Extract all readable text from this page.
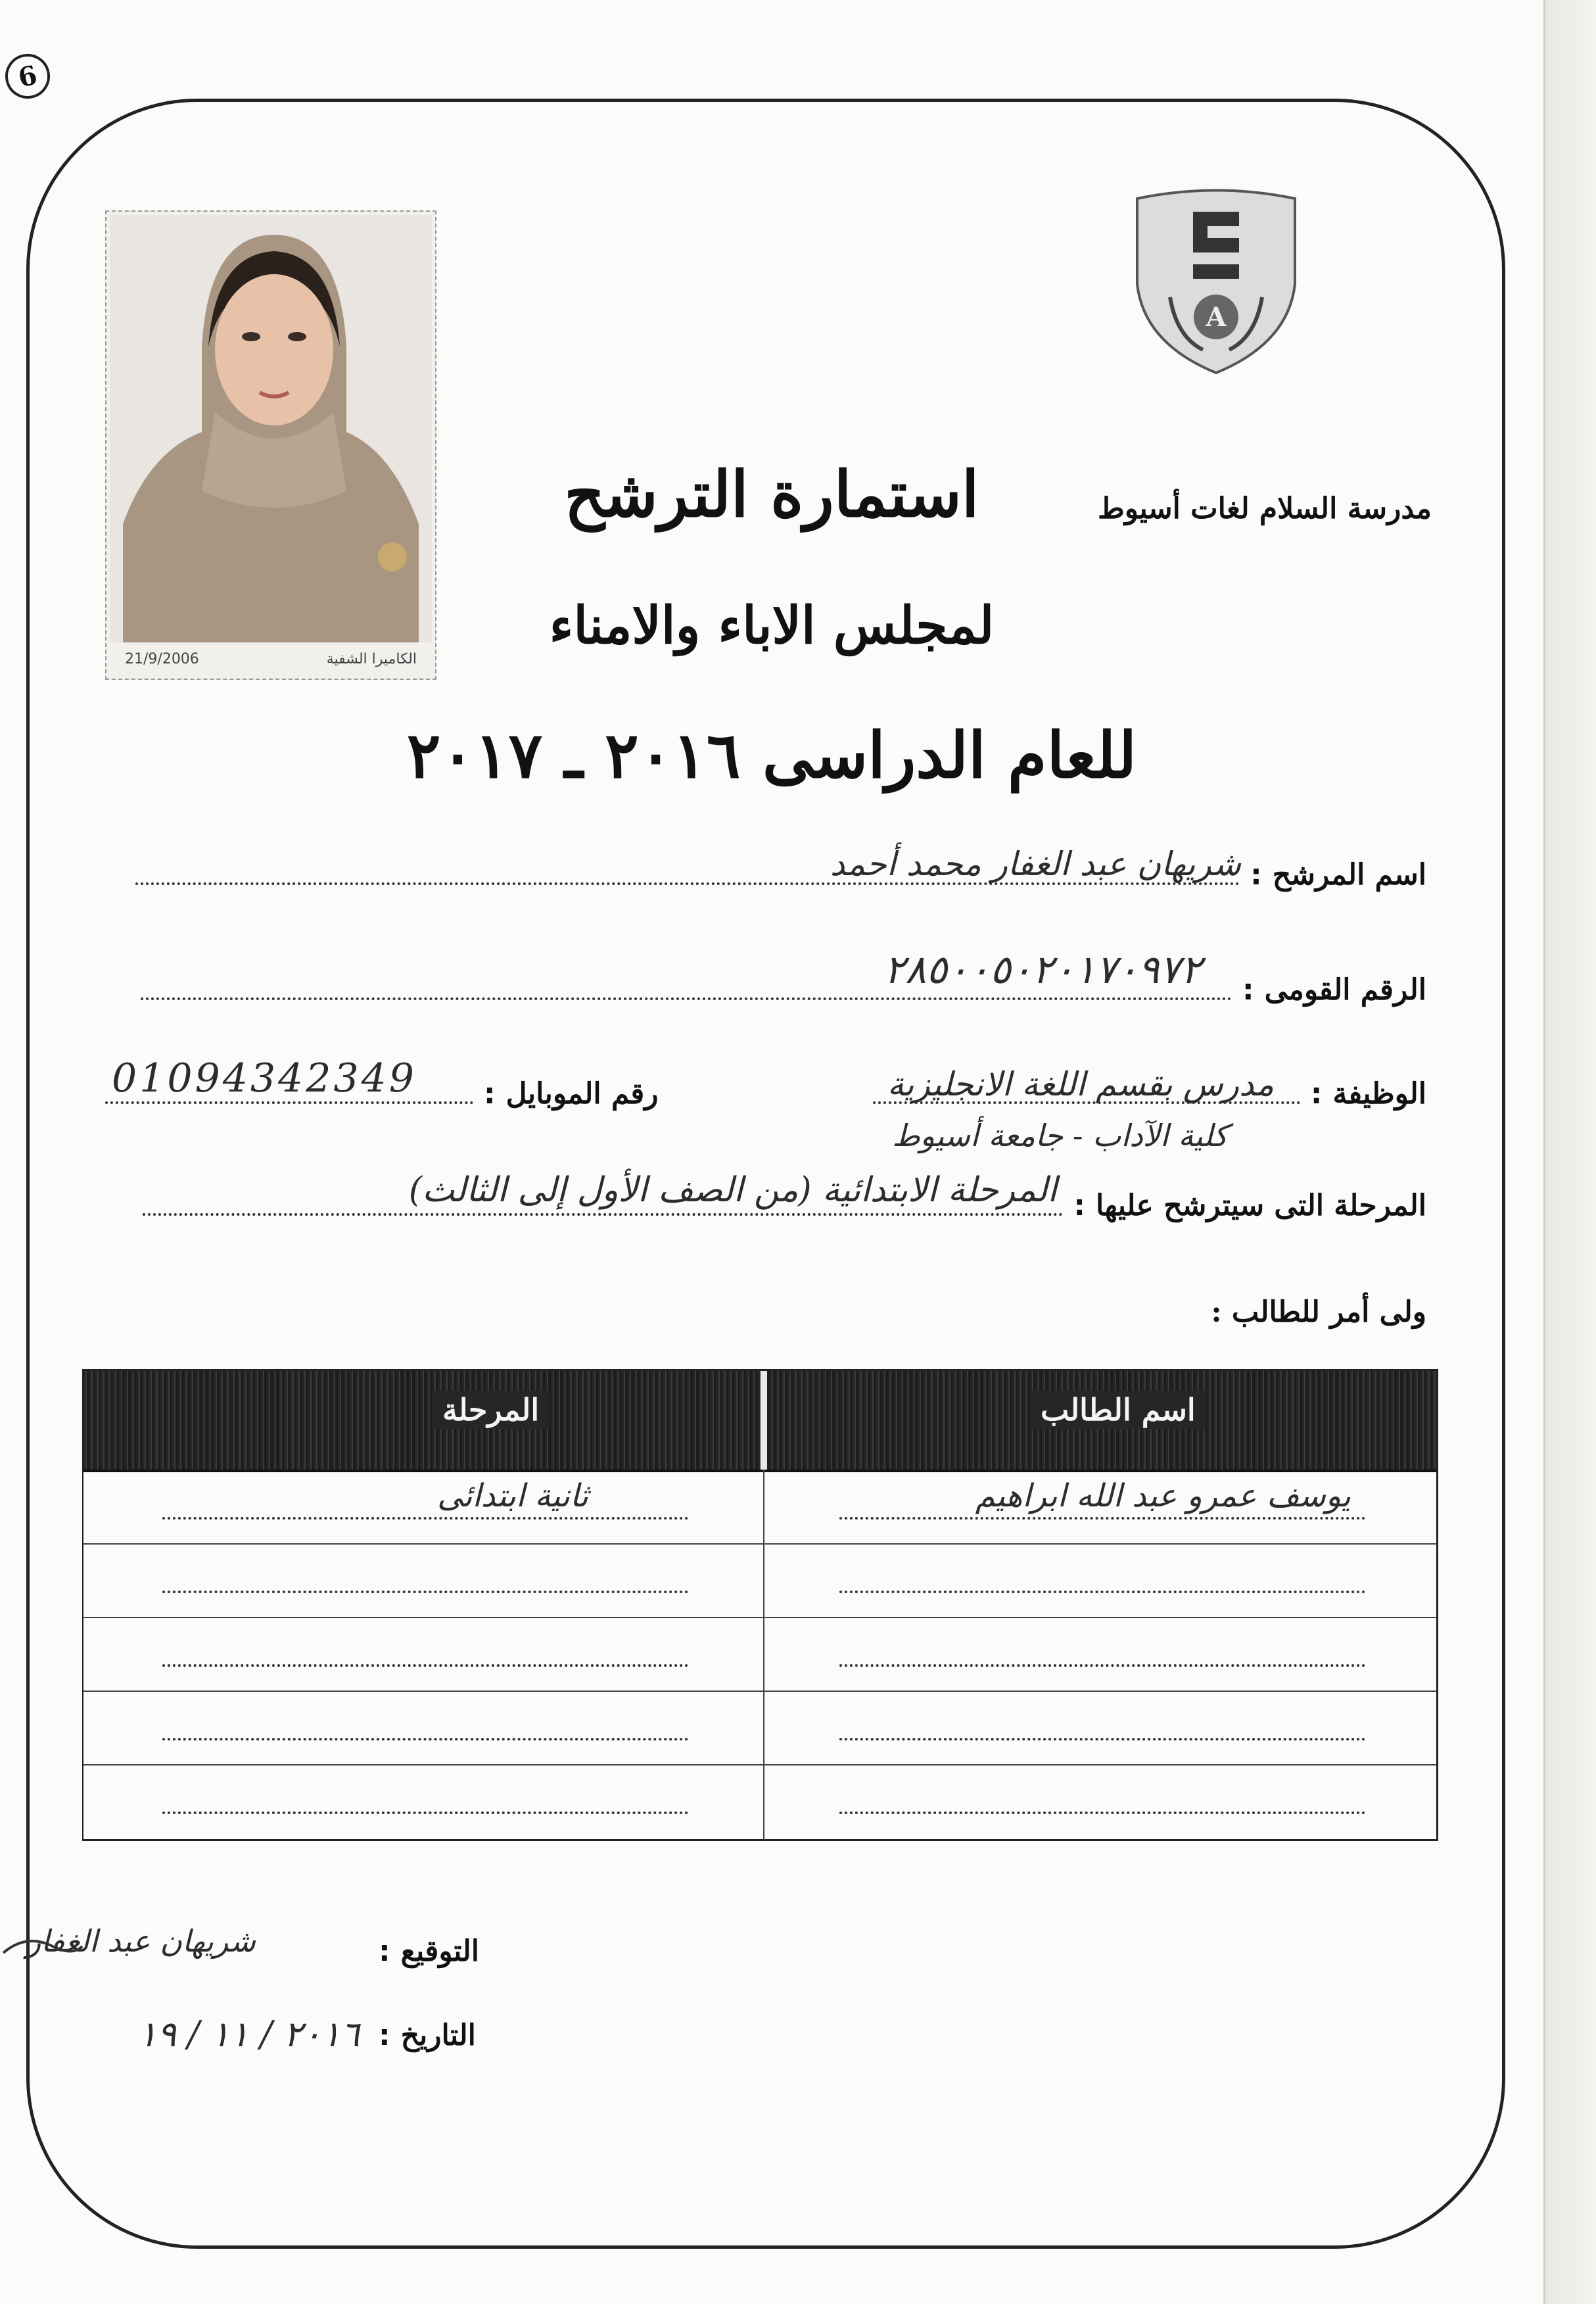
6
21/9/2006	الكاميرا الشفية
A
مدرسة السلام لغات أسيوط
استمارة الترشح
لمجلس الاباء والامناء
للعام الدراسى ٢٠١٦ ـ ٢٠١٧
اسم المرشح
:
شريهان عبد الغفار محمد أحمد
الرقم القومى
:
٢٨٥٠٠٥٠٢٠١٧٠٩٧٢
الوظيفة
:
مدرس بقسم اللغة الانجليزية
كلية الآداب - جامعة أسيوط
رقم الموبايل
:
01094342349
المرحلة التى سيترشح عليها
:
المرحلة الابتدائية (من الصف الأول إلى الثالث)
ولى أمر للطالب :
اسم الطالب
المرحلة
يوسف عمرو عبد الله ابراهيم
ثانية ابتدائى
التوقيع
:
شريهان عبد الغفار
التاريخ
:
٢٠١٦ / ١١ / ١٩
